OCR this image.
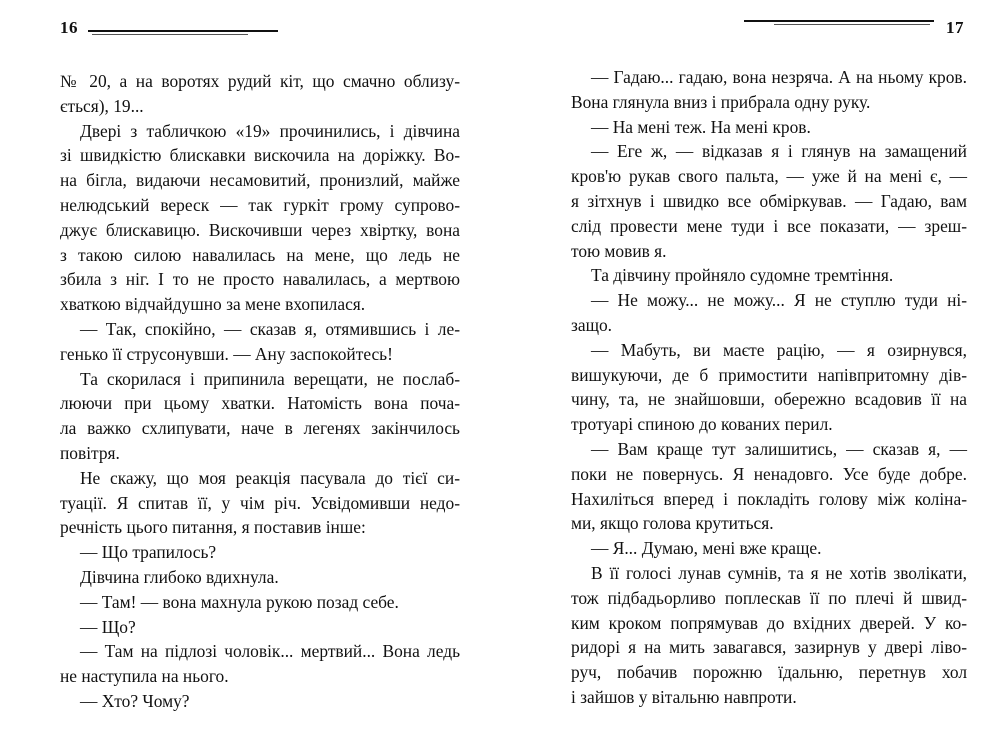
16
№ 20, а на воротях рудий кіт, що смачно облизу-
ється), 19...
Двері з табличкою «19» прочинились, і дівчина
зі швидкістю блискавки вискочила на доріжку. Во-
на бігла, видаючи несамовитий, пронизлий, майже
нелюдський вереск — так гуркіт грому супрово-
джує блискавицю. Вискочивши через хвіртку, вона
з такою силою навалилась на мене, що ледь не
збила з ніг. І то не просто навалилась, а мертвою
хваткою відчайдушно за мене вхопилася.
— Так, спокійно, — сказав я, отямившись і ле-
генько її струсонувши. — Ану заспокойтесь!
Та скорилася і припинила верещати, не послаб-
люючи при цьому хватки. Натомість вона поча-
ла важко схлипувати, наче в легенях закінчилось
повітря.
Не скажу, що моя реакція пасувала до тієї си-
туації. Я спитав її, у чім річ. Усвідомивши недо-
речність цього питання, я поставив інше:
— Що трапилось?
Дівчина глибоко вдихнула.
— Там! — вона махнула рукою позад себе.
— Що?
— Там на підлозі чоловік... мертвий... Вона ледь
не наступила на нього.
— Хто? Чому?
17
— Гадаю... гадаю, вона незряча. А на ньому кров.
Вона глянула вниз і прибрала одну руку.
— На мені теж. На мені кров.
— Еге ж, — відказав я і глянув на замащений
кров'ю рукав свого пальта, — уже й на мені є, —
я зітхнув і швидко все обміркував. — Гадаю, вам
слід провести мене туди і все показати, — зреш-
тою мовив я.
Та дівчину пройняло судомне тремтіння.
— Не можу... не можу... Я не ступлю туди ні-
защо.
— Мабуть, ви маєте рацію, — я озирнувся,
вишукуючи, де б примостити напівпритомну дів-
чину, та, не знайшовши, обережно всадовив її на
тротуарі спиною до кованих перил.
— Вам краще тут залишитись, — сказав я, —
поки не повернусь. Я ненадовго. Усе буде добре.
Нахиліться вперед і покладіть голову між коліна-
ми, якщо голова крутиться.
— Я... Думаю, мені вже краще.
В її голосі лунав сумнів, та я не хотів зволікати,
тож підбадьорливо поплескав її по плечі й швид-
ким кроком попрямував до вхідних дверей. У ко-
ридорі я на мить завагався, зазирнув у двері ліво-
руч, побачив порожню їдальню, перетнув хол
і зайшов у вітальню навпроти.
